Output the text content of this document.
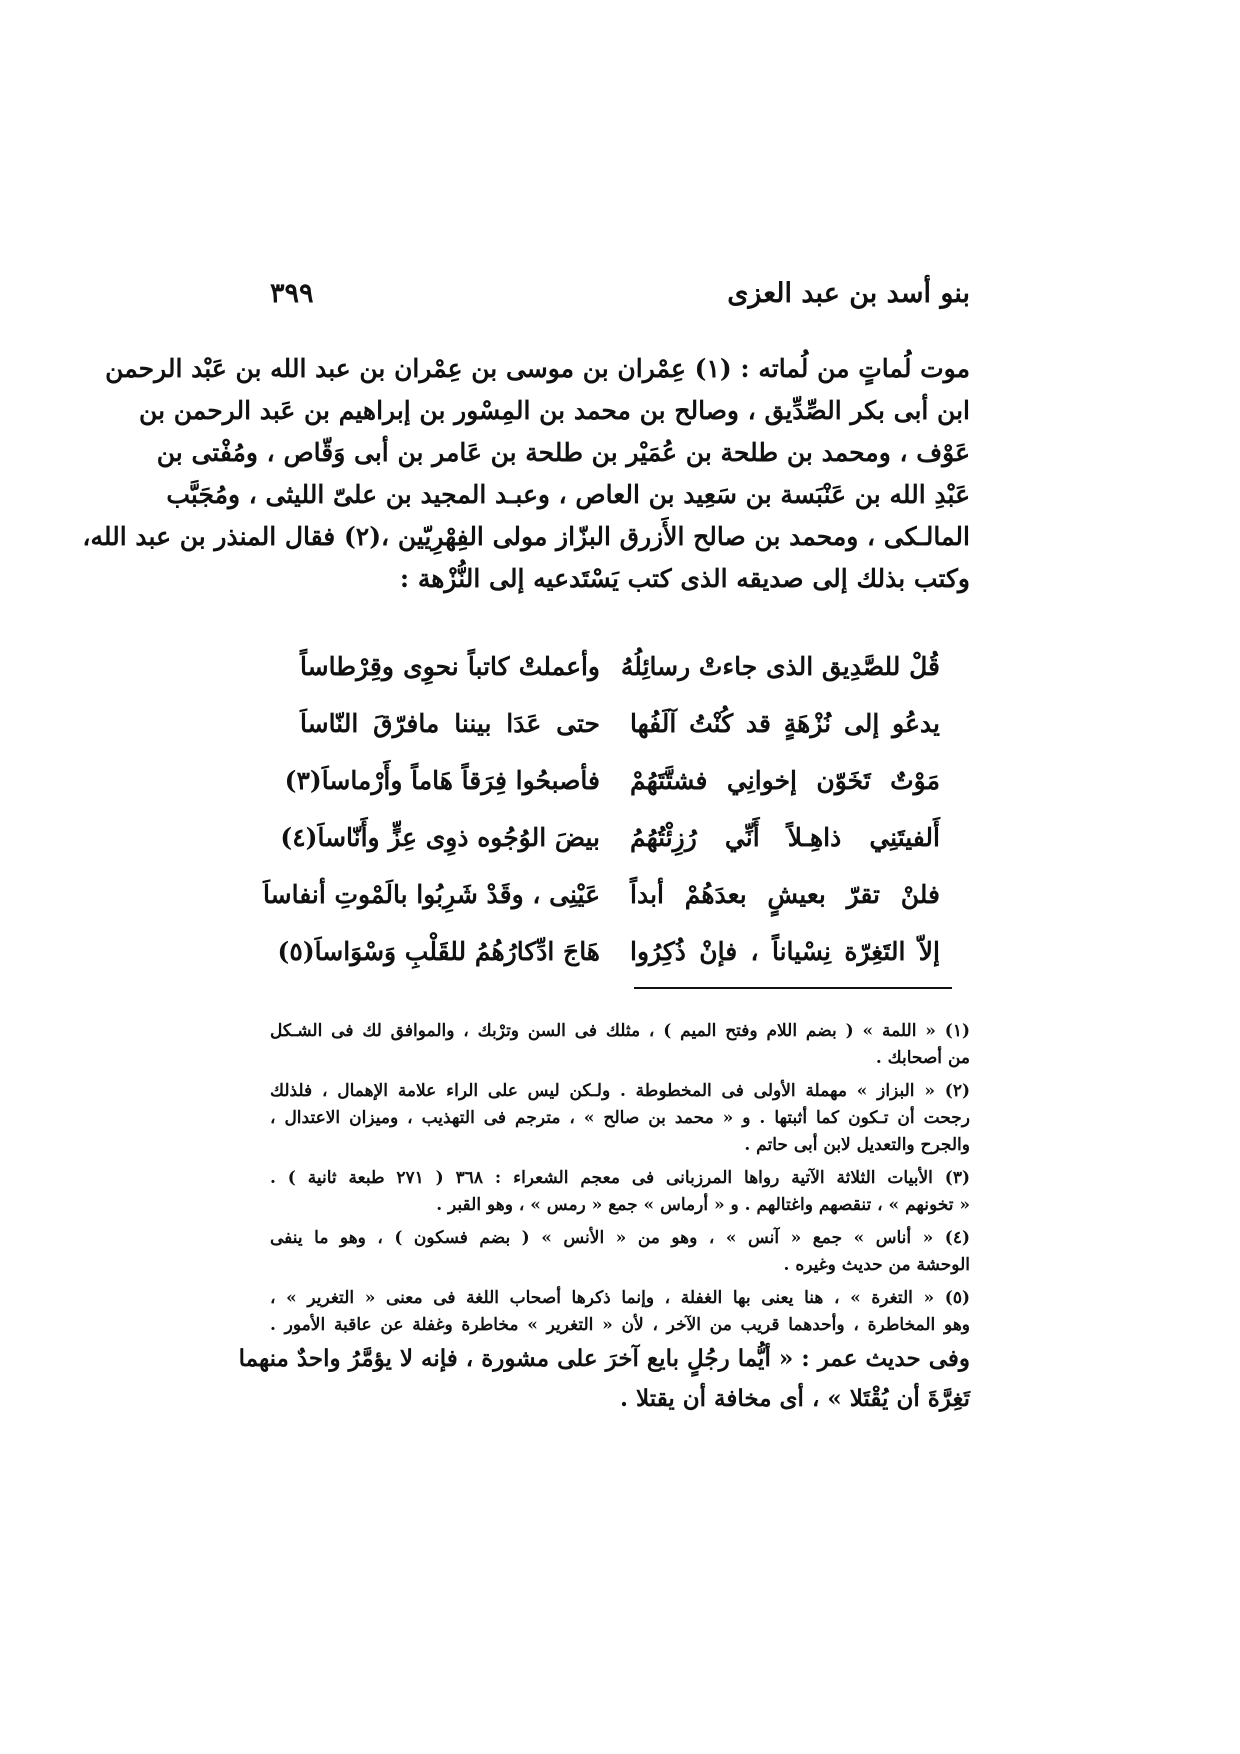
٣٩٩	بنو أسد بن عبد العزى
موت لُماتٍ من لُماته : (١) عِمْران بن موسى بن عِمْران بن عبد الله بن عَبْد الرحمن
ابن أبى بكر الصِّدِّيق ، وصالح بن محمد بن المِسْور بن إبراهيم بن عَبد الرحمن بن
عَوْف ، ومحمد بن طلحة بن عُمَيْر بن طلحة بن عَامر بن أبى وَقّاص ، ومُفْتى بن
عَبْدِ الله بن عَنْبَسة بن سَعِيد بن العاص ، وعبـد المجيد بن علىّ الليثى ، ومُجَبَّب
المالـكى ، ومحمد بن صالح الأَزرق البزّاز مولى الفِهْرِيّين ،(٢) فقال المنذر بن عبد الله،
وكتب بذلك إلى صديقه الذى كتب يَسْتَدعيه إلى النُّزْهة :
قُلْ للصَّدِيق الذى جاءتْ رسائِلُهُ
وأعملتْ كاتباً نحوِى وقِرْطاساً
يدعُو إلى نُزْهَةٍ قد كُنْتُ آلَفُها
حتى عَدَا بيننا مافرّقَ النّاساَ
مَوْتٌ تَخَوّن إخوانِي فشتَّتَهُمْ
فأصبحُوا فِرَقاً هَاماً وأَرْماساَ(٣)
أَلفيتَنِي ذاهِـلاً أَنِّي رُزِئْتُهُمُ
بيضَ الوُجُوه ذوِى عِزٍّ وأَنّاساَ(٤)
فلنْ تقرّ بعيشٍ بعدَهُمْ أبداً
عَيْنِى ، وقَدْ شَرِبُوا بالَمْوتِ أنفاساَ
إلاّ التَغِرّة نِسْياناً ، فإنْ ذُكِرُوا
هَاجَ ادِّكارُهُمُ للقَلْبِ وَسْوَاساَ(٥)
(١) « اللمة » ( بضم اللام وفتح الميم ) ، مثلك فى السن وترْبك ، والموافق لك فى الشـكل
من أصحابك .
(٢) « البزاز » مهملة الأولى فى المخطوطة . ولـكن ليس على الراء علامة الإهمال ، فلذلك
رجحت أن تـكون كما أثبتها . و « محمد بن صالح » ، مترجم فى التهذيب ، وميزان الاعتدال ،
والجرح والتعديل لابن أبى حاتم .
(٣) الأبيات الثلاثة الآتية رواها المرزبانى فى معجم الشعراء : ٣٦٨ ( ٢٧١ طبعة ثانية ) .
« تخونهم » ، تنقصهم واغتالهم . و « أرماس » جمع « رمس » ، وهو القبر .
(٤) « أناس » جمع « آنس » ، وهو من « الأنس » ( بضم فسكون ) ، وهو ما ينفى
الوحشة من حديث وغيره .
(٥) « التغرة » ، هنا يعنى بها الغفلة ، وإنما ذكرها أصحاب اللغة فى معنى « التغرير » ،
وهو المخاطرة ، وأحدهما قريب من الآخر ، لأن « التغرير » مخاطرة وغفلة عن عاقبة الأمور .
وفى حديث عمر : « أيُّما رجُلٍ بايع آخرَ على مشورة ، فإنه لا يؤمَّرُ واحدٌ منهما
تَغِرَّةَ أن يُقْتَلا » ، أى مخافة أن يقتلا .
